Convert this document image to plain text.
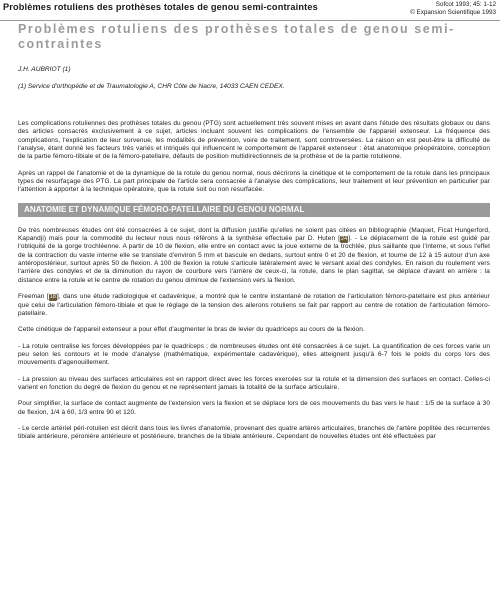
Problèmes rotuliens des prothèses totales de genou semi-contraintes	Sofcot 1993; 45: 1-12
© Expansion Scientifique 1993
Problèmes rotuliens des prothèses totales de genou semi-contraintes
J.H. AUBRIOT (1)
(1) Service d'orthopédie et de Traumatologie A, CHR Côte de Nacre, 14033 CAEN CEDEX.

Les complications rotuliennes des prothèses totales du genou (PTG) sont actuellement très souvent mises en avant dans l'étude des résultats globaux ou dans des articles consacrés exclusivement à ce sujet, articles incluant souvent les complications de l'ensemble de l'appareil extenseur. La fréquence des complications, l'explication de leur survenue, les modalités de prévention, voire de traitement, sont controversées. La raison en est peut-être la difficulté de l'analyse, étant donné les facteurs très variés et intriqués qui influencent le comportement de l'appareil extenseur : état anatomique préopératoire, conception de la partie fémoro-tibiale et de la fémoro-patellaire, défauts de position multidirectionnels de la prothèse et de la partie rotulienne.

Après un rappel de l'anatomie et de la dynamique de la rotule du genou normal, nous décrirons la cinétique et le comportement de la rotule dans les principaux types de resurfaçage des PTG. La part principale de l'article sera consacrée à l'analyse des complications, leur traitement et leur prévention en particulier par l'attention à apporter à la technique opératoire, que la rotule soit ou non resurfacée.

ANATOMIE ET DYNAMIQUE FÉMORO-PATELLAIRE DU GENOU NORMAL

De très nombreuses études ont été consacrées à ce sujet, dont la diffusion justifie qu'elles ne soient pas citées en bibliographie (Maquet, Ficat Hungerford, Kapandji) mais pour la commodité du lecteur nous nous référons à la synthèse effectuée par D. Huten [24]. - Le déplacement de la rotule est guidé par l'obliquité de la gorge trochléenne. A partir de 10 de flexion, elle entre en contact avec la joue externe de la trochlée, plus saillante que l'interne, et sous l'effet de la contraction du vaste interne elle se translate d'environ 5 mm et bascule en dedans, surtout entre 0 et 20 de flexion, et tourne de 12 à 15 autour d'un axe antéropostérieur, surtout après 50 de flexion. A 100 de flexion la rotule s'articule latéralement avec le versant axial des condyles. En raison du roulement vers l'arrière des condyles et de la diminution du rayon de courbure vers l'arrière de ceux-ci, la rotule, dans le plan sagittal, se déplace d'avant en arrière : la distance entre la rotule et le centre de rotation du genou diminue de l'extension vers la flexion.

Freeman [18], dans une étude radiologique et cadavérique, a montré que le centre instantané de rotation de l'articulation fémoro-patellaire est plus antérieur que celui de l'articulation fémoro-tibiale et que le réglage de la tension des ailerons rotuliens se fait par rapport au centre de rotation de l'articulation fémoro-patellaire.

Cette cinétique de l'appareil extenseur a pour effet d'augmenter le bras de levier du quadriceps au cours de la flexion.

- La rotule centralise les forces développées par le quadriceps ; de nombreuses études ont été consacrées à ce sujet. La quantification de ces forces varie un peu selon les contours et le mode d'analyse (mathématique, expérimentale cadavérique), elles atteignent jusqu'à 6-7 fois le poids du corps lors des mouvements d'agenouillement.

- La pression au niveau des surfaces articulaires est en rapport direct avec les forces exercées sur la rotule et la dimension des surfaces en contact. Celles-ci varient en fonction du degré de flexion du genou et ne représentent jamais la totalité de la surface articulaire.

Pour simplifier, la surface de contact augmente de l'extension vers la flexion et se déplace lors de ces mouvements du bas vers le haut : 1/5 de la surface à 30 de flexion, 1/4 à 60, 1/3 entre 90 et 120.

- Le cercle artériel péri-rotulien est décrit dans tous les livres d'anatomie, provenant des quatre artères articulaires, branches de l'artère poplitée des récurrentes tibiale antérieure, péronière antérieure et postérieure, branches de la tibiale antérieure. Cependant de nouvelles études ont été effectuées par
